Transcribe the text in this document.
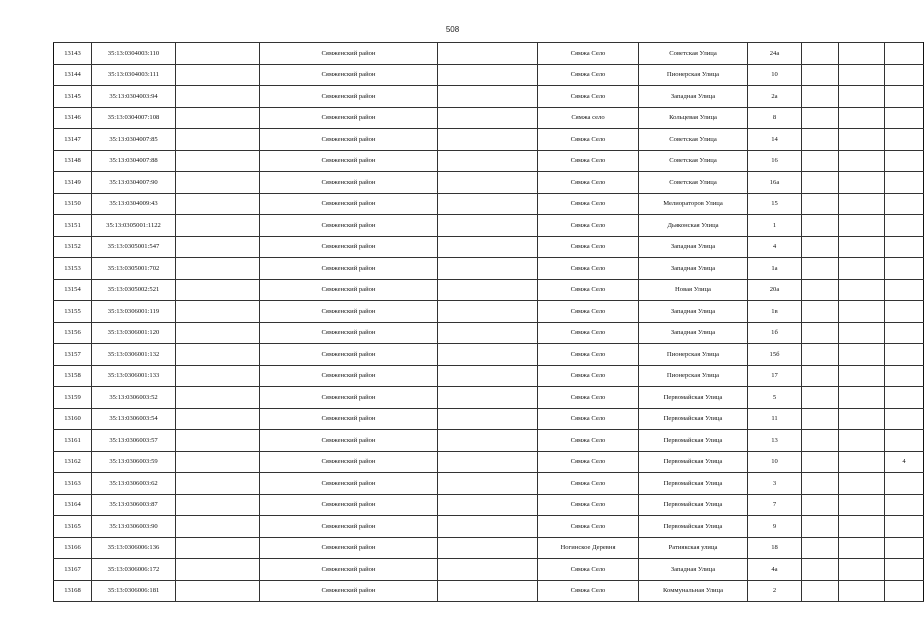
508
13143	35:13:0304003:110		Сямженский район		Сямжа Село	Советская Улица	24а			
13144	35:13:0304003:111		Сямженский район		Сямжа Село	Пионерская Улица	10			
13145	35:13:0304003:94		Сямженский район		Сямжа Село	Западная Улица	2а			
13146	35:13:0304007:108		Сямженский район		Сямжа село	Кольцевая Улица	8			
13147	35:13:0304007:85		Сямженский район		Сямжа Село	Советская Улица	14			
13148	35:13:0304007:88		Сямженский район		Сямжа Село	Советская Улица	16			
13149	35:13:0304007:90		Сямженский район		Сямжа Село	Советская Улица	16а			
13150	35:13:0304009:43		Сямженский район		Сямжа Село	Мелиораторов Улица	15			
13151	35:13:0305001:1122		Сямженский район		Сямжа Село	Дьяконская Улица	1			
13152	35:13:0305001:547		Сямженский район		Сямжа Село	Западная Улица	4			
13153	35:13:0305001:702		Сямженский район		Сямжа Село	Западная Улица	1а			
13154	35:13:0305002:521		Сямженский район		Сямжа Село	Новая Улица	20а			
13155	35:13:0306001:119		Сямженский район		Сямжа Село	Западная Улица	1в			
13156	35:13:0306001:120		Сямженский район		Сямжа Село	Западная Улица	1б			
13157	35:13:0306001:132		Сямженский район		Сямжа Село	Пионерская Улица	15б			
13158	35:13:0306001:133		Сямженский район		Сямжа Село	Пионерская Улица	17			
13159	35:13:0306003:52		Сямженский район		Сямжа Село	Первомайская Улица	5			
13160	35:13:0306003:54		Сямженский район		Сямжа Село	Первомайская Улица	11			
13161	35:13:0306003:57		Сямженский район		Сямжа Село	Первомайская Улица	13			
13162	35:13:0306003:59		Сямженский район		Сямжа Село	Первомайская Улица	10			4
13163	35:13:0306003:62		Сямженский район		Сямжа Село	Первомайская Улица	3			
13164	35:13:0306003:87		Сямженский район		Сямжа Село	Первомайская Улица	7			
13165	35:13:0306003:90		Сямженский район		Сямжа Село	Первомайская Улица	9			
13166	35:13:0306006:136		Сямженский район		Ногинское Деревня	Ратиякская улица	18			
13167	35:13:0306006:172		Сямженский район		Сямжа Село	Западная Улица	4а			
13168	35:13:0306006:181		Сямженский район		Сямжа Село	Коммунальная Улица	2			
